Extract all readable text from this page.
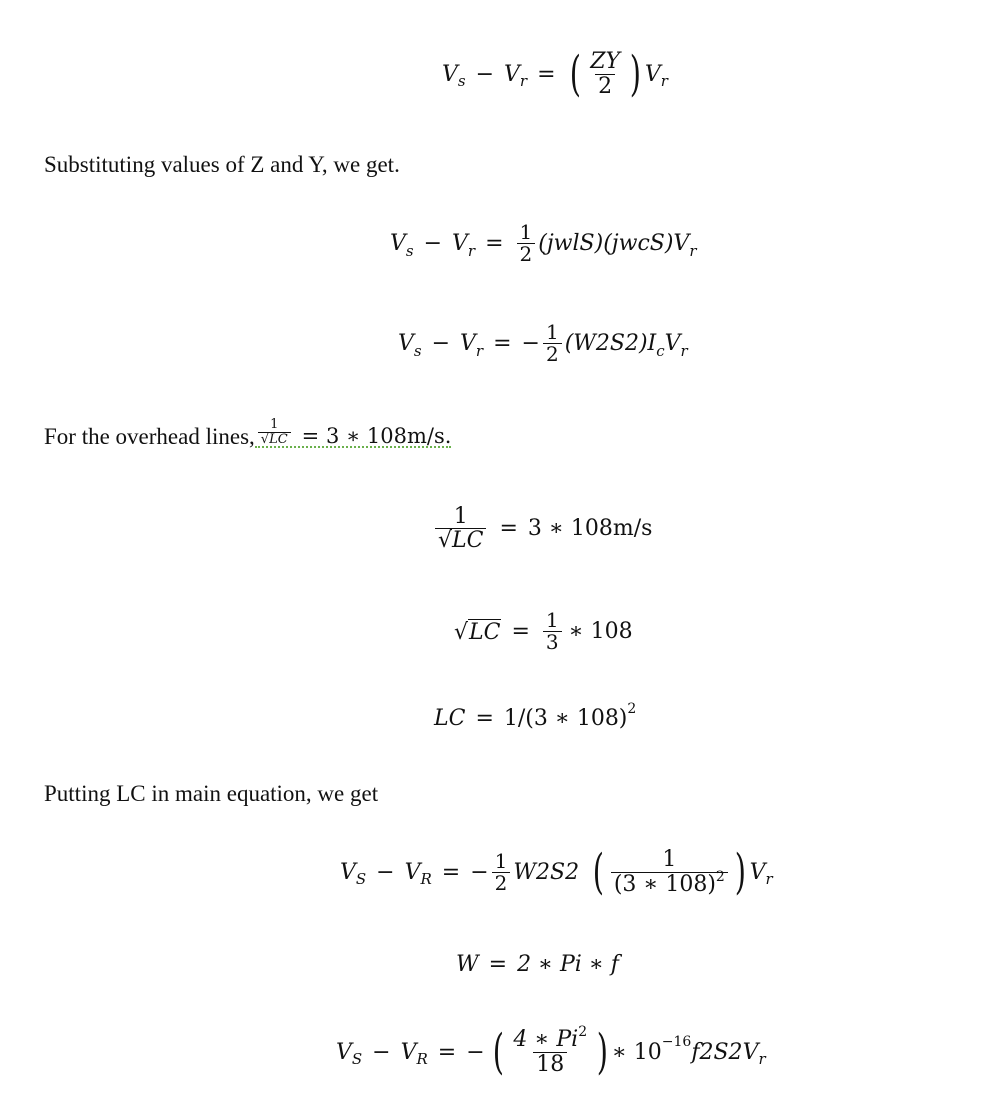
V s − V r = ( $\frac{ZY}{2}$ ) V r
Substituting values of Z and Y, we get.
V s − V $r = \frac{1}{2}$ (jwlS) (jwcS) V r
V s − V r = − $\frac{1}{2} (W2S2)$ I c V r
For the overhead lines, $\frac{1}{√LC} = 3$ ∗ 108m/s.
$\frac{1}{√LC} = 3$ ∗ 108m/s
√ LC = $\frac{1}{3}$ ∗ 108
LC = 1/(3 ∗ 108) 2
Putting LC in main equation, we get
V S − V R = − $\frac{1}{2} W2S2$ ( $\frac{1}{(3 ∗ 108)^2}$ ) V r
W = 2 ∗ Pi ∗ f
V S − V R = − ( $\frac{4 ∗ Pi^2}{18}$ ) ∗ 10 −16 f2S2 V r
